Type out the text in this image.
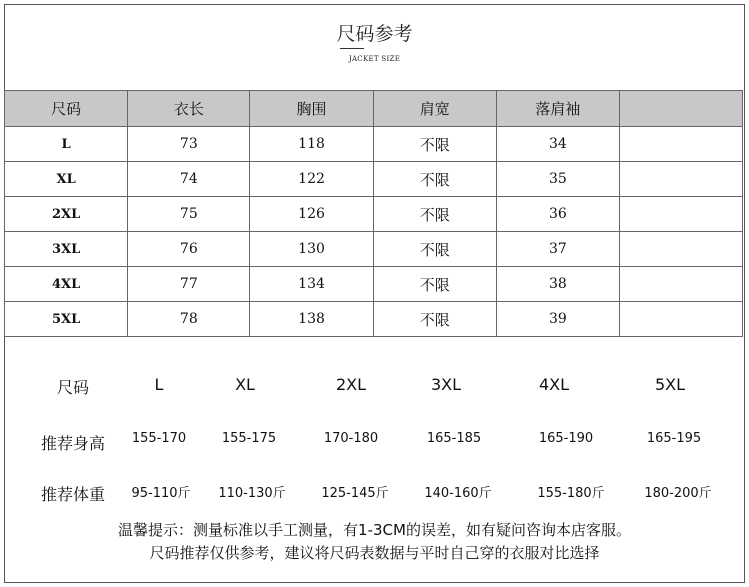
尺码参考
JACKET SIZE
尺码	衣长	胸围	肩宽	落肩袖	
L	73	118	不限	34	
XL	74	122	不限	35	
2XL	75	126	不限	36	
3XL	76	130	不限	37	
4XL	77	134	不限	38	
5XL	78	138	不限	39	
尺码	L	XL	2XL	3XL	4XL	5XL
推荐身高 155-170	155-175	170-180	165-185	165-190	165-195
推荐体重 95-110斤 110-130斤	125-145斤	140-160斤	155-180斤	180-200斤
温馨提示：测量标准以手工测量，有1-3CM的误差，如有疑问咨询本店客服。
尺码推荐仅供参考，建议将尺码表数据与平时自己穿的衣服对比选择
